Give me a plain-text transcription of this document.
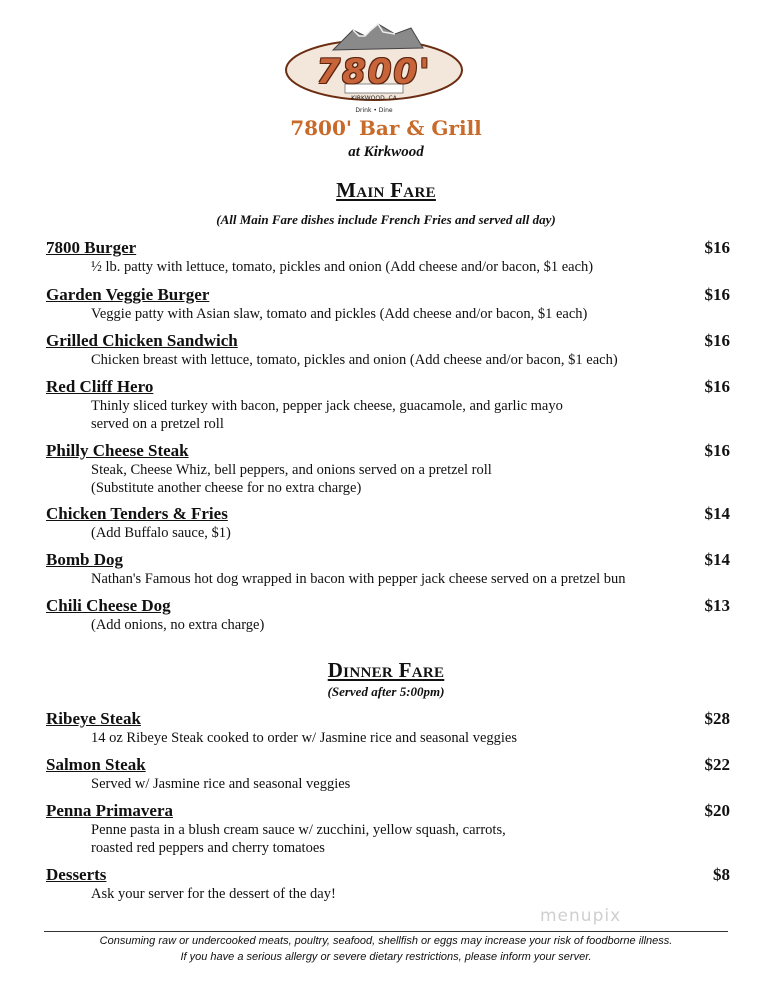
7800'
KIRKWOOD, CA
Drink • Dine
7800' Bar & Grill
at Kirkwood
Main Fare
(All Main Fare dishes include French Fries and served all day)
7800 Burger	$16
½ lb. patty with lettuce, tomato, pickles and onion (Add cheese and/or bacon, $1 each)
Garden Veggie Burger	$16
Veggie patty with Asian slaw, tomato and pickles (Add cheese and/or bacon, $1 each)
Grilled Chicken Sandwich	$16
Chicken breast with lettuce, tomato, pickles and onion (Add cheese and/or bacon, $1 each)
Red Cliff Hero	$16
Thinly sliced turkey with bacon, pepper jack cheese, guacamole, and garlic mayo
served on a pretzel roll
Philly Cheese Steak	$16
Steak, Cheese Whiz, bell peppers, and onions served on a pretzel roll
(Substitute another cheese for no extra charge)
Chicken Tenders & Fries	$14
(Add Buffalo sauce, $1)
Bomb Dog	$14
Nathan's Famous hot dog wrapped in bacon with pepper jack cheese served on a pretzel bun
Chili Cheese Dog	$13
(Add onions, no extra charge)
Dinner Fare
(Served after 5:00pm)
Ribeye Steak	$28
14 oz Ribeye Steak cooked to order w/ Jasmine rice and seasonal veggies
Salmon Steak	$22
Served w/ Jasmine rice and seasonal veggies
Penna Primavera	$20
Penne pasta in a blush cream sauce w/ zucchini, yellow squash, carrots,
roasted red peppers and cherry tomatoes
Desserts	$8
Ask your server for the dessert of the day!
menupix
Consuming raw or undercooked meats, poultry, seafood, shellfish or eggs may increase your risk of foodborne illness.
If you have a serious allergy or severe dietary restrictions, please inform your server.
